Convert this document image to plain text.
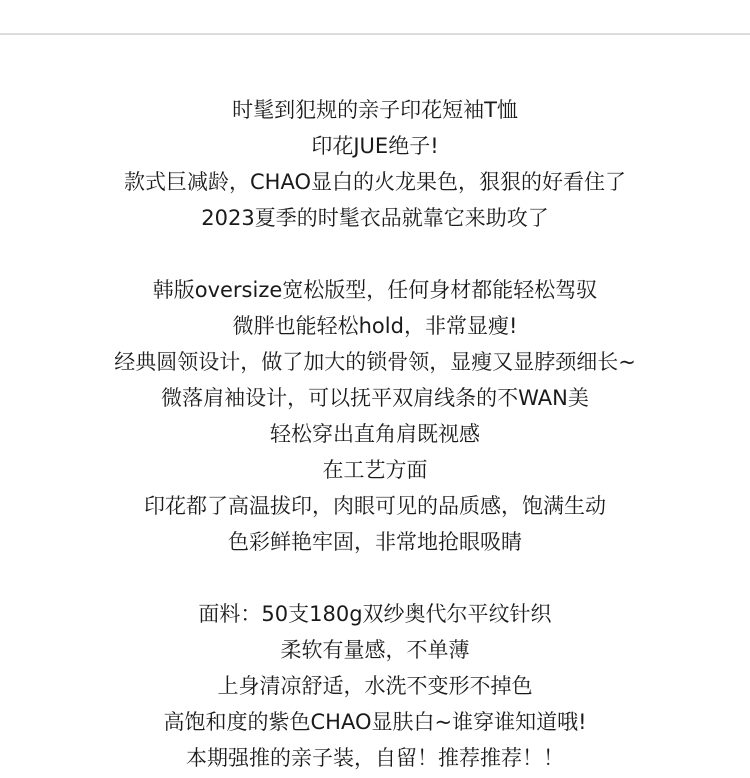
时髦到犯规的亲子印花短袖T恤
印花JUE绝子!
款式巨减龄，CHAO显白的火龙果色，狠狠的好看住了
2023夏季的时髦衣品就靠它来助攻了
韩版oversize宽松版型，任何身材都能轻松驾驭
微胖也能轻松hold，非常显瘦!
经典圆领设计，做了加大的锁骨领，显瘦又显脖颈细长~
微落肩袖设计，可以抚平双肩线条的不WAN美
轻松穿出直角肩既视感
在工艺方面
印花都了高温拔印，肉眼可见的品质感，饱满生动
色彩鲜艳牢固，非常地抢眼吸睛
面料：50支180g双纱奥代尔平纹针织
柔软有量感，不单薄
上身清凉舒适，水洗不变形不掉色
高饱和度的紫色CHAO显肤白~谁穿谁知道哦!
本期强推的亲子装，自留！推荐推荐！！
